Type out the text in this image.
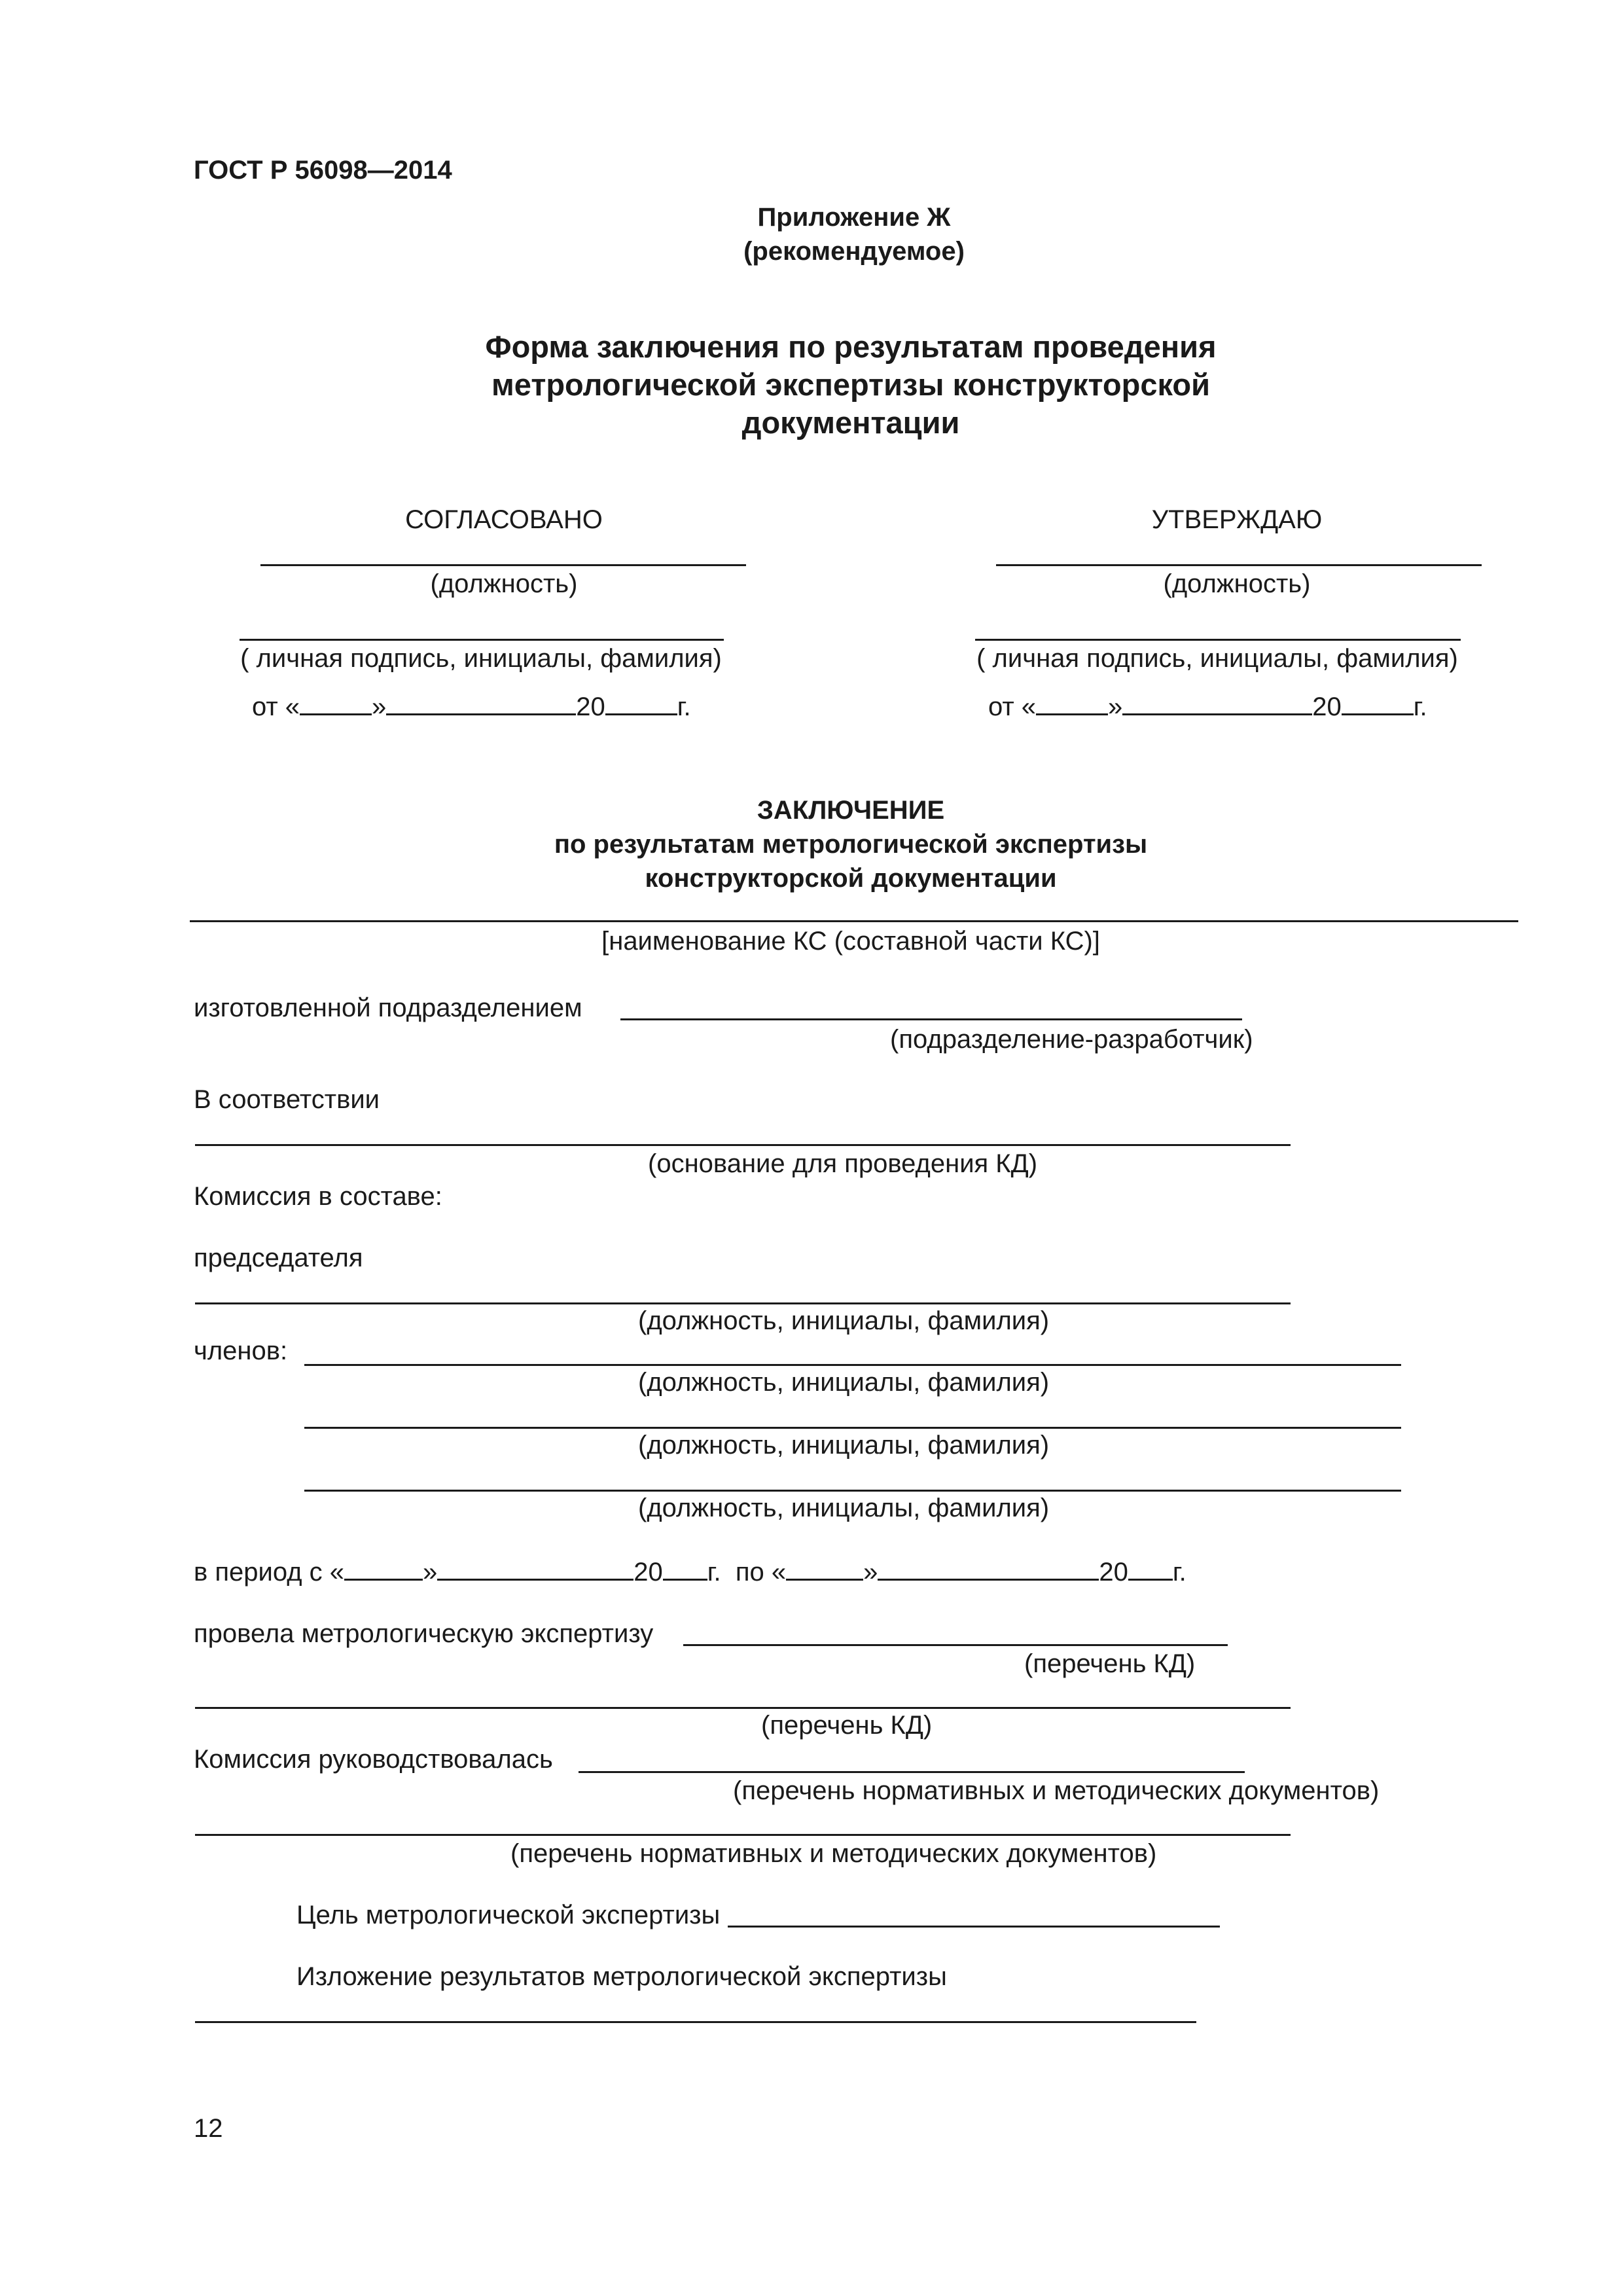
ГОСТ Р 56098—2014
Приложение Ж
(рекомендуемое)
Форма заключения по результатам проведения
метрологической экспертизы конструкторской
документации
СОГЛАСОВАНО
(должность)
( личная подпись, инициалы, фамилия)
от «	»	20	г.
УТВЕРЖДАЮ
(должность)
( личная подпись, инициалы, фамилия)
от «	»	20	г.
ЗАКЛЮЧЕНИЕ
по результатам метрологической экспертизы
конструкторской документации
[наименование КС (составной части КС)]
изготовленной подразделением
(подразделение-разработчик)
В соответствии
(основание для проведения КД)
Комиссия в составе:
председателя
(должность, инициалы, фамилия)
членов:
(должность, инициалы, фамилия)
(должность, инициалы, фамилия)
(должность, инициалы, фамилия)
в период с «	»	20 г. по «	»	20 г.
провела метрологическую экспертизу
(перечень КД)
(перечень КД)
Комиссия руководствовалась
(перечень нормативных и методических документов)
(перечень нормативных и методических документов)
Цель метрологической экспертизы
Изложение результатов метрологической экспертизы
12
